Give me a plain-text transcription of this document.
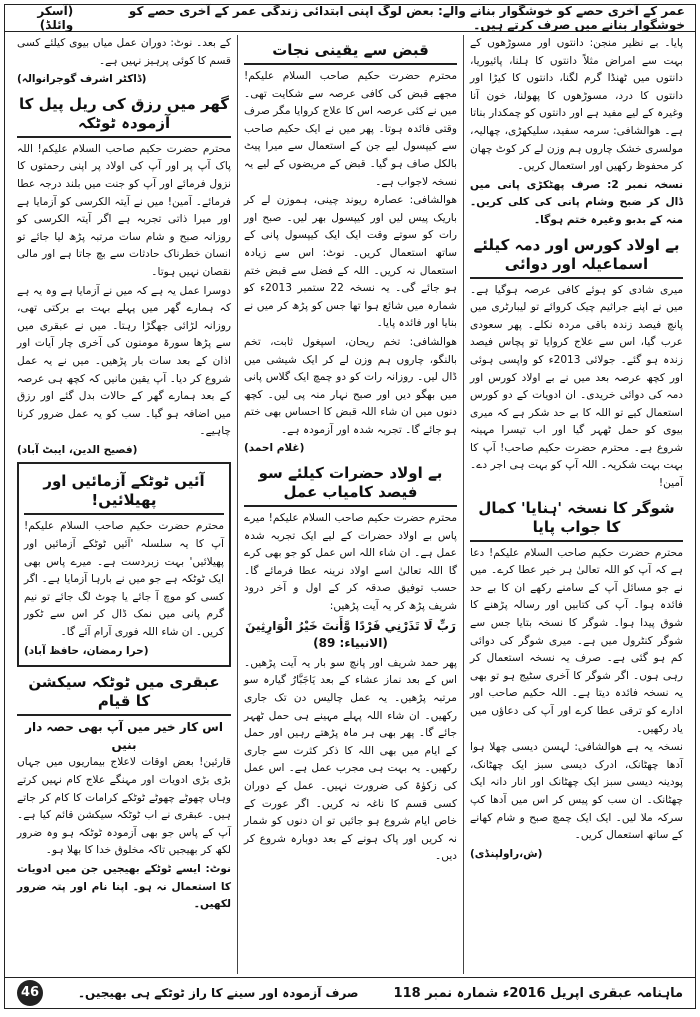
عمر کے آخری حصے کو خوشگوار بنانے والے: بعض لوگ اپنی ابتدائی زندگی عمر کے آخری حصے کو خوشگوار بنانے میں صرف کرتے ہیں۔
(آسکر وائلڈ)

پایا۔ بے نظیر منجن: دانتوں اور مسوڑھوں کے بہت سے امراض مثلاً دانتوں کا ہلنا، پائیوریا، دانتوں میں ٹھنڈا گرم لگنا، دانتوں کا کیڑا اور دانتوں کا درد، مسوڑھوں کا پھولنا، خون آنا وغیرہ کے لیے مفید ہے اور دانتوں کو چمکدار بناتا ہے۔ ھوالشافی: سرمہ سفید، سلیکھڑی، چھالیہ، مولسری خشک چاروں ہم وزن لے کر کوٹ چھان کر محفوظ رکھیں اور استعمال کریں۔

نسخہ نمبر 2: صرف پھٹکڑی پانی میں ڈال کر ضبح وشام پانی کی کلی کریں۔ منہ کے بدبو وغیرہ ختم ہوگا۔

بے اولاد کورس اور دمہ کیلئے اسماعیلہ اور دوائی

میری شادی کو ہوئے کافی عرصہ ہوگیا ہے۔ میں نے اپنے جراثیم چیک کروائے تو لیبارٹری میں پانچ فیصد زندہ باقی مردہ نکلے۔ پھر سعودی عرب گیا، اس سے علاج کروایا تو پچاس فیصد زندہ ہو گئے۔ جولائی 2013ء کو واپسی ہوئی اور کچھ عرصہ بعد میں نے بے اولاد کورس اور دمہ کی دوائی خریدی۔ ان ادویات کے دو کورس استعمال کیے تو اللہ کا بے حد شکر ہے کہ میری بیوی کو حمل ٹھہر گیا اور اب تیسرا مہینہ شروع ہے۔ محترم حضرت حکیم صاحب! آپ کا بہت بہت شکریہ۔ اللہ آپ کو بہت ہی اجر دے۔ آمین!

شوگر کا نسخہ 'ہنایا' کمال کا جواب پایا

محترم حضرت حکیم صاحب السلام علیکم! دعا ہے کہ آپ کو اللہ تعالیٰ ہر خیر عطا کرے۔ میں نے جو مسائل آپ کے سامنے رکھے ان کا بے حد فائدہ ہوا۔ آپ کی کتابیں اور رسالہ پڑھنے کا شوق پیدا ہوا۔ شوگر کا نسخہ بتایا جس سے شوگر کنٹرول میں ہے۔ میری شوگر کی دوائی کم ہو گئی ہے۔ صرف یہ نسخہ استعمال کر رہی ہوں۔ اگر شوگر کا آخری سٹیج ہو تو بھی یہ نسخہ فائدہ دیتا ہے۔ اللہ حکیم صاحب اور ادارے کو ترقی عطا کرے اور آپ کی دعاؤں میں یاد رکھیں۔

نسخہ یہ ہے ھوالشافی: لہسن دیسی چھلا ہوا آدھا چھٹانک، ادرک دیسی سبز ایک چھٹانک، پودینہ دیسی سبز ایک چھٹانک اور انار دانہ ایک چھٹانک۔ ان سب کو پیس کر اس میں آدھا کپ سرکہ ملا لیں۔ ایک ایک چمچ صبح و شام کھانے کے ساتھ استعمال کریں۔

(ش،راولپنڈی)
قبض سے یقینی نجات

محترم حضرت حکیم صاحب السلام علیکم! مجھے قبض کی کافی عرصہ سے شکایت تھی۔ میں نے کئی عرصہ اس کا علاج کروایا مگر صرف وقتی فائدہ ہوتا۔ پھر میں نے ایک حکیم صاحب سے کیپسول لیے جن کے استعمال سے میرا پیٹ بالکل صاف ہو گیا۔ قبض کے مریضوں کے لیے یہ نسخہ لاجواب ہے۔

ھوالشافی: عصارہ ریوند چینی، ہموزن لے کر باریک پیس لیں اور کیپسول بھر لیں۔ صبح اور رات کو سوتے وقت ایک ایک کیپسول پانی کے ساتھ استعمال کریں۔ نوٹ: اس سے زیادہ استعمال نہ کریں۔ اللہ کے فضل سے قبض ختم ہو جائے گی۔ یہ نسخہ 22 ستمبر 2013ء کو شمارہ میں شائع ہوا تھا جس کو پڑھ کر میں نے بنایا اور فائدہ پایا۔

ھوالشافی: تخم ریحان، اسپغول ثابت، تخم بالنگو، چاروں ہم وزن لے کر ایک شیشی میں ڈال لیں۔ روزانہ رات کو دو چمچ ایک گلاس پانی میں بھگو دیں اور صبح نہار منہ پی لیں۔ کچھ دنوں میں ان شاء اللہ قبض کا احساس بھی ختم ہو جائے گا۔ تجربہ شدہ اور آزمودہ ہے۔

(غلام احمد)
بے اولاد حضرات کیلئے سو فیصد کامیاب عمل

محترم حضرت حکیم صاحب السلام علیکم! میرے پاس بے اولاد حضرات کے لیے ایک تجربہ شدہ عمل ہے۔ ان شاء اللہ اس عمل کو جو بھی کرے گا اللہ تعالیٰ اسے اولاد نرینہ عطا فرمائے گا۔ حسب توفیق صدقہ کر کے اول و آخر درود شریف پڑھ کر یہ آیت پڑھیں:

رَبِّ لَا تَذَرْنِي فَرْدًا وَّأَنتَ خَيْرُ الْوَارِثِينَ (الانبیاء: 89)

پھر حمد شریف اور پانچ سو بار یہ آیت پڑھیں۔ اس کے بعد نماز عشاء کے بعد یَاجَبَّارُ گیارہ سو مرتبہ پڑھیں۔ یہ عمل چالیس دن تک جاری رکھیں۔ ان شاء اللہ پہلے مہینے ہی حمل ٹھہر جائے گا۔ پھر بھی ہر ماہ پڑھتے رہیں اور حمل کے ایام میں بھی اللہ کا ذکر کثرت سے جاری رکھیں۔ یہ بہت ہی مجرب عمل ہے۔ اس عمل کی زکوٰۃ کی ضرورت نہیں۔ عمل کے دوران کسی قسم کا ناغہ نہ کریں۔ اگر عورت کے خاص ایام شروع ہو جائیں تو ان دنوں کو شمار نہ کریں اور پاک ہونے کے بعد دوبارہ شروع کر دیں۔

کے بعد۔ نوٹ: دوران عمل میاں بیوی کیلئے کسی قسم کا کوئی پرہیز نہیں ہے۔

(ڈاکٹر اشرف گوجرانوالہ)
گھر میں رزق کی ریل پیل کا آزمودہ ٹوٹکہ

محترم حضرت حکیم صاحب السلام علیکم! اللہ پاک آپ پر اور آپ کی اولاد پر اپنی رحمتوں کا نزول فرمائے اور آپ کو جنت میں بلند درجہ عطا فرمائے۔ آمین! میں نے آیتہ الکرسی کو آزمایا ہے اور میرا ذاتی تجربہ ہے اگر آیتہ الکرسی کو روزانہ صبح و شام سات مرتبہ پڑھ لیا جائے تو انسان خطرناک حادثات سے بچ جاتا ہے اور مالی نقصان نہیں ہوتا۔

دوسرا عمل یہ ہے کہ میں نے آزمایا ہے وہ یہ ہے کہ ہمارے گھر میں پہلے بہت بے برکتی تھی، روزانہ لڑائی جھگڑا رہتا۔ میں نے عبقری میں سے پڑھا سورۃ مومنون کی آخری چار آیات اور اذان کے بعد سات بار پڑھیں۔ میں نے یہ عمل شروع کر دیا۔ آپ یقین مانیں کہ کچھ ہی عرصہ کے بعد ہمارے گھر کے حالات بدل گئے اور رزق میں اضافہ ہو گیا۔ سب کو یہ عمل ضرور کرنا چاہیے۔

(فصیح الدین، ایبٹ آباد)
آئیں ٹوٹکے آزمائیں اور پھیلائیں!

محترم حضرت حکیم صاحب السلام علیکم! آپ کا یہ سلسلہ 'آئیں ٹوٹکے آزمائیں اور پھیلائیں' بہت زبردست ہے۔ میرے پاس بھی ایک ٹوٹکہ ہے جو میں نے بارہا آزمایا ہے۔ اگر کسی کو موچ آ جائے یا چوٹ لگ جائے تو نیم گرم پانی میں نمک ڈال کر اس سے ٹکور کریں۔ ان شاء اللہ فوری آرام آئے گا۔

(حرا رمضان، حافظ آباد)
عبقری میں ٹوٹکہ سیکشن کا قیام
اس کار خیر میں آپ بھی حصہ دار بنیں

قارئین! بعض اوقات لاعلاج بیماریوں میں جہاں بڑی بڑی ادویات اور مہنگے علاج کام نہیں کرتے وہاں چھوٹے چھوٹے ٹوٹکے کرامات کا کام کر جاتے ہیں۔ عبقری نے اب ٹوٹکہ سیکشن قائم کیا ہے۔ آپ کے پاس جو بھی آزمودہ ٹوٹکہ ہو وہ ضرور لکھ کر بھیجیں تاکہ مخلوق خدا کا بھلا ہو۔

نوٹ: ایسے ٹوٹکے بھیجیں جن میں ادویات کا استعمال نہ ہو۔ اپنا نام اور پتہ ضرور لکھیں۔

ماہنامہ عبقری اپریل 2016ء شمارہ نمبر 118
صرف آزمودہ اور سینے کا راز ٹوٹکے ہی بھیجیں۔
46
